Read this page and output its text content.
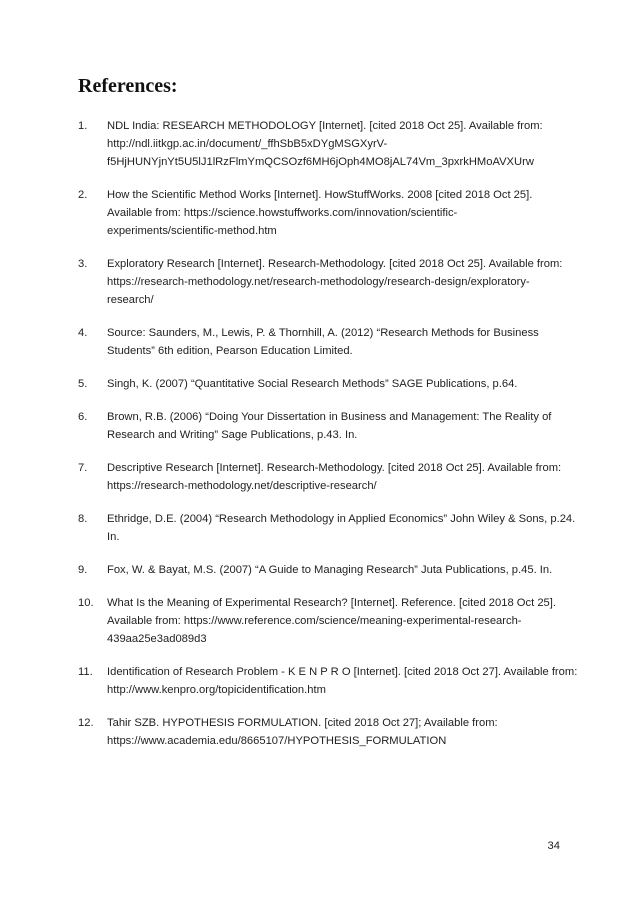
References:
1.	NDL India: RESEARCH METHODOLOGY [Internet]. [cited 2018 Oct 25]. Available from:
http://ndl.iitkgp.ac.in/document/_ffhSbB5xDYgMSGXyrV-
f5HjHUNYjnYt5U5lJ1lRzFlmYmQCSOzf6MH6jOph4MO8jAL74Vm_3pxrkHMoAVXUrw
2.	How the Scientific Method Works [Internet]. HowStuffWorks. 2008 [cited 2018 Oct 25].
Available from: https://science.howstuffworks.com/innovation/scientific-
experiments/scientific-method.htm
3.	Exploratory Research [Internet]. Research-Methodology. [cited 2018 Oct 25]. Available from:
https://research-methodology.net/research-methodology/research-design/exploratory-
research/
4.	Source: Saunders, M., Lewis, P. & Thornhill, A. (2012) “Research Methods for Business
Students” 6th edition, Pearson Education Limited.
5.	Singh, K. (2007) “Quantitative Social Research Methods” SAGE Publications, p.64.
6.	Brown, R.B. (2006) “Doing Your Dissertation in Business and Management: The Reality of
Research and Writing” Sage Publications, p.43. In.
7.	Descriptive Research [Internet]. Research-Methodology. [cited 2018 Oct 25]. Available from:
https://research-methodology.net/descriptive-research/
8.	Ethridge, D.E. (2004) “Research Methodology in Applied Economics” John Wiley & Sons, p.24.
In.
9.	Fox, W. & Bayat, M.S. (2007) “A Guide to Managing Research” Juta Publications, p.45. In.
10.	What Is the Meaning of Experimental Research? [Internet]. Reference. [cited 2018 Oct 25].
Available from: https://www.reference.com/science/meaning-experimental-research-
439aa25e3ad089d3
11.	Identification of Research Problem - K E N P R O [Internet]. [cited 2018 Oct 27]. Available from:
http://www.kenpro.org/topicidentification.htm
12.	Tahir SZB. HYPOTHESIS FORMULATION. [cited 2018 Oct 27]; Available from:
https://www.academia.edu/8665107/HYPOTHESIS_FORMULATION
34
